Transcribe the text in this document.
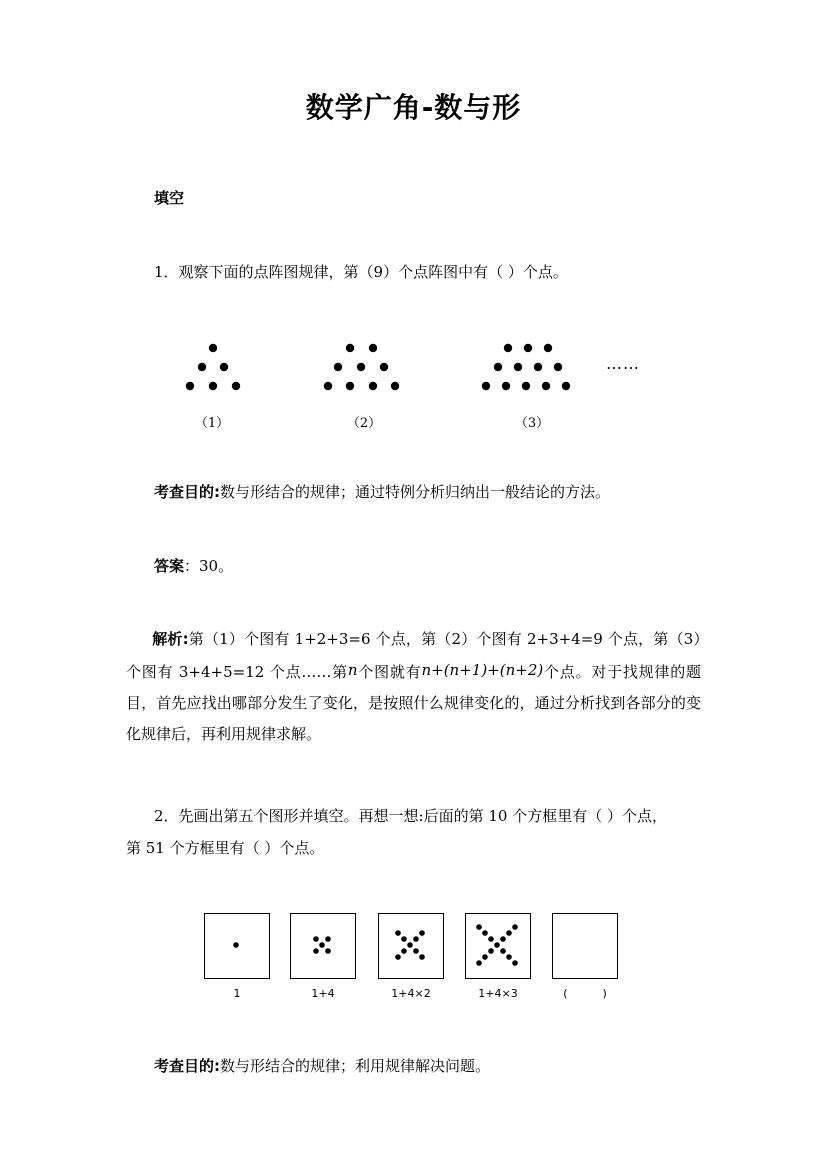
数学广角-数与形
填空
1．观察下面的点阵图规律，第（9）个点阵图中有（ ）个点。
……
（1）	（2）	（3）
考查目的:数与形结合的规律；通过特例分析归纳出一般结论的方法。
答案：30。
解析:第（1）个图有 1+2+3=6 个点，第（2）个图有 2+3+4=9 个点，第（3）个图有 3+4+5=12 个点……第n个图就有n+(n+1)+(n+2)个点。对于找规律的题目，首先应找出哪部分发生了变化，是按照什么规律变化的，通过分析找到各部分的变化规律后，再利用规律求解。
2．先画出第五个图形并填空。再想一想:后面的第 10 个方框里有（ ）个点，
第 51 个方框里有（ ）个点。
1	1+4	1+4×2	1+4×3	(          )
考查目的:数与形结合的规律；利用规律解决问题。
